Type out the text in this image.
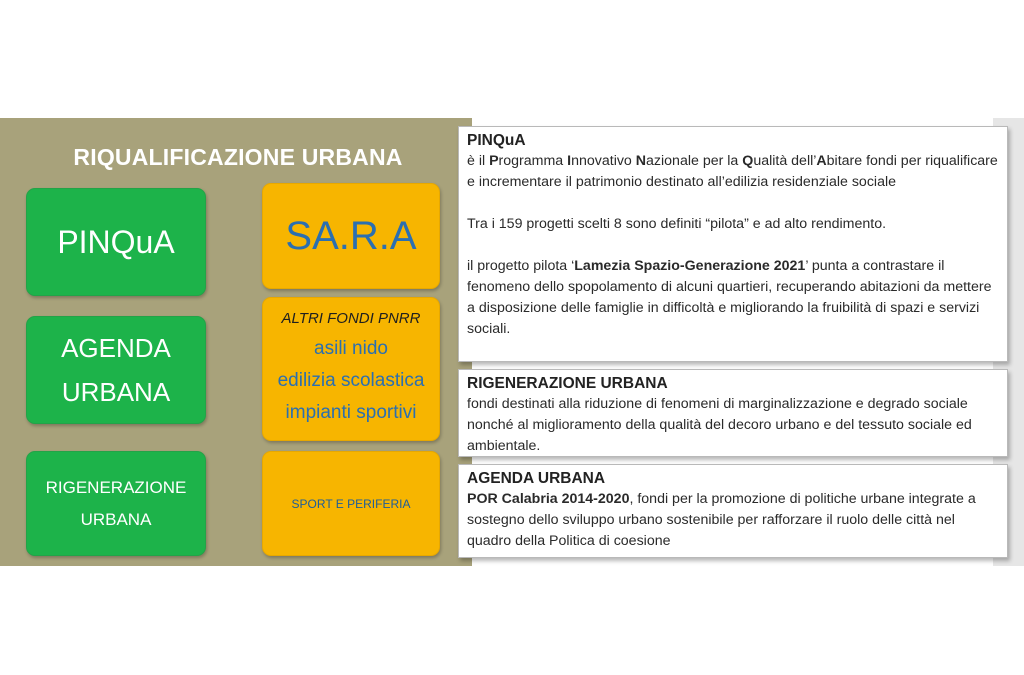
RIQUALIFICAZIONE URBANA
PINQuA
AGENDA
URBANA
RIGENERAZIONE
URBANA
SA.R.A
ALTRI FONDI PNRR
asili nido
edilizia scolastica
impianti sportivi
SPORT E PERIFERIA
PINQuA

è il Programma Innovativo Nazionale per la Qualità dell’Abitare fondi per riqualificare e incrementare il patrimonio destinato all’edilizia residenziale sociale

Tra i 159 progetti scelti 8 sono definiti “pilota” e ad alto rendimento.

il progetto pilota ‘Lamezia Spazio-Generazione 2021’ punta a contrastare il fenomeno dello spopolamento di alcuni quartieri, recuperando abitazioni da mettere a disposizione delle famiglie in difficoltà e migliorando la fruibilità di spazi e servizi sociali.

RIGENERAZIONE URBANA

fondi destinati alla riduzione di fenomeni di marginalizzazione e degrado sociale nonché al miglioramento della qualità del decoro urbano e del tessuto sociale ed ambientale.

AGENDA URBANA

POR Calabria 2014-2020, fondi per la promozione di politiche urbane integrate a sostegno dello sviluppo urbano sostenibile per rafforzare il ruolo delle città nel quadro della Politica di coesione
